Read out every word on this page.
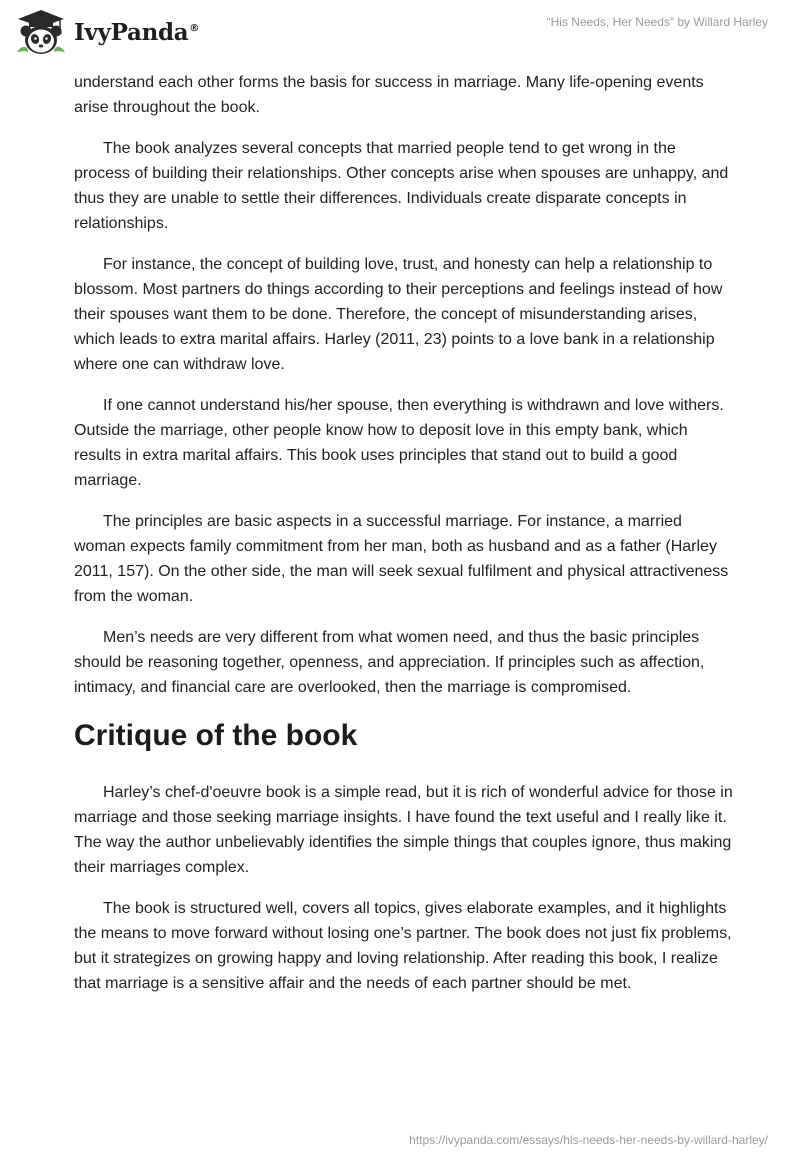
IvyPanda®	“His Needs, Her Needs” by Willard Harley

understand each other forms the basis for success in marriage. Many life-opening events arise throughout the book.

The book analyzes several concepts that married people tend to get wrong in the process of building their relationships. Other concepts arise when spouses are unhappy, and thus they are unable to settle their differences. Individuals create disparate concepts in relationships.

For instance, the concept of building love, trust, and honesty can help a relationship to blossom. Most partners do things according to their perceptions and feelings instead of how their spouses want them to be done. Therefore, the concept of misunderstanding arises, which leads to extra marital affairs. Harley (2011, 23) points to a love bank in a relationship where one can withdraw love.

If one cannot understand his/her spouse, then everything is withdrawn and love withers. Outside the marriage, other people know how to deposit love in this empty bank, which results in extra marital affairs. This book uses principles that stand out to build a good marriage.

The principles are basic aspects in a successful marriage. For instance, a married woman expects family commitment from her man, both as husband and as a father (Harley 2011, 157). On the other side, the man will seek sexual fulfilment and physical attractiveness from the woman.

Men’s needs are very different from what women need, and thus the basic principles should be reasoning together, openness, and appreciation. If principles such as affection, intimacy, and financial care are overlooked, then the marriage is compromised.

Critique of the book

Harley’s chef-d'oeuvre book is a simple read, but it is rich of wonderful advice for those in marriage and those seeking marriage insights. I have found the text useful and I really like it. The way the author unbelievably identifies the simple things that couples ignore, thus making their marriages complex.

The book is structured well, covers all topics, gives elaborate examples, and it highlights the means to move forward without losing one’s partner. The book does not just fix problems, but it strategizes on growing happy and loving relationship. After reading this book, I realize that marriage is a sensitive affair and the needs of each partner should be met.

https://ivypanda.com/essays/his-needs-her-needs-by-willard-harley/
